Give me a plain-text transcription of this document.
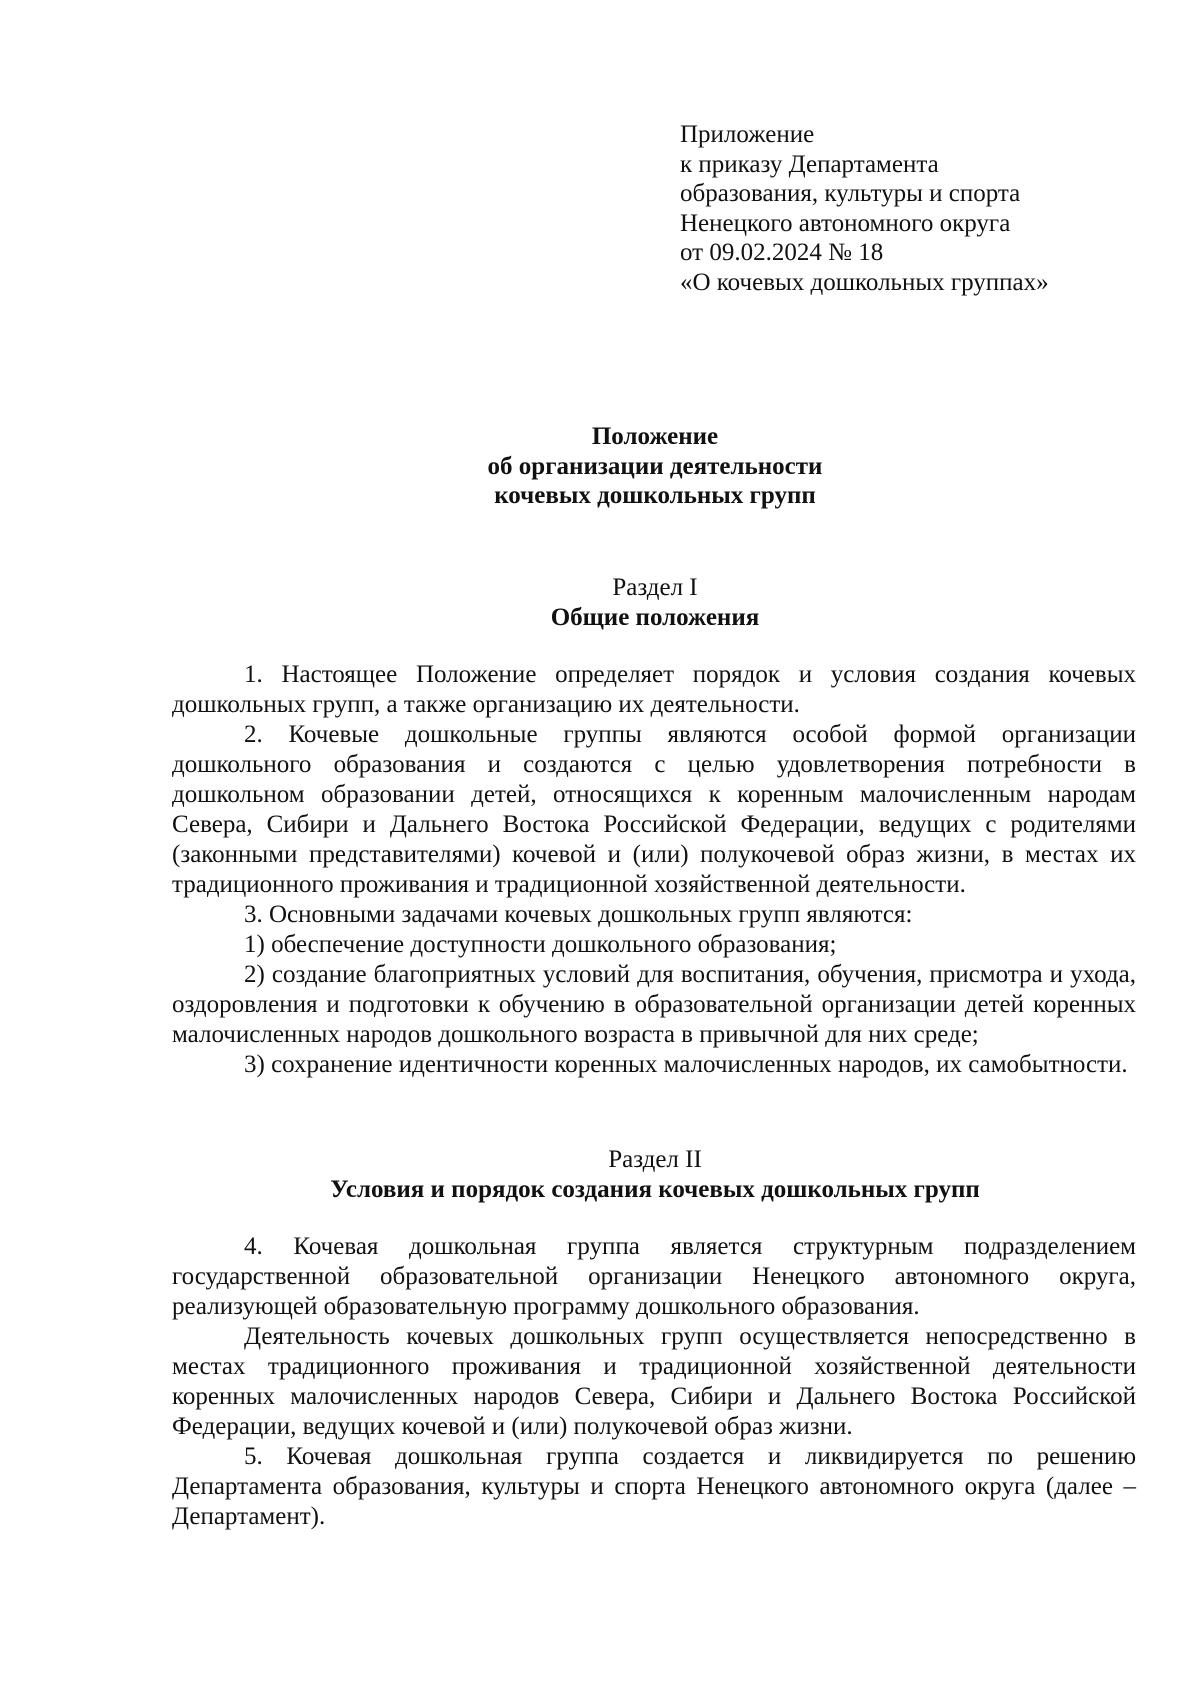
Приложение
к приказу Департамента
образования, культуры и спорта
Ненецкого автономного округа
от 09.02.2024 № 18
«О кочевых дошкольных группах»
Положение
об организации деятельности
кочевых дошкольных групп
Раздел I
Общие положения

1. Настоящее Положение определяет порядок и условия создания кочевых дошкольных групп, а также организацию их деятельности.

2. Кочевые дошкольные группы являются особой формой организации дошкольного образования и создаются с целью удовлетворения потребности в дошкольном образовании детей, относящихся к коренным малочисленным народам Севера, Сибири и Дальнего Востока Российской Федерации, ведущих с родителями (законными представителями) кочевой и (или) полукочевой образ жизни, в местах их традиционного проживания и традиционной хозяйственной деятельности.

3. Основными задачами кочевых дошкольных групп являются:

1) обеспечение доступности дошкольного образования;

2) создание благоприятных условий для воспитания, обучения, присмотра и ухода, оздоровления и подготовки к обучению в образовательной организации детей коренных малочисленных народов дошкольного возраста в привычной для них среде;

3) сохранение идентичности коренных малочисленных народов, их самобытности.

Раздел II
Условия и порядок создания кочевых дошкольных групп

4. Кочевая дошкольная группа является структурным подразделением государственной образовательной организации Ненецкого автономного округа, реализующей образовательную программу дошкольного образования.

Деятельность кочевых дошкольных групп осуществляется непосредственно в местах традиционного проживания и традиционной хозяйственной деятельности коренных малочисленных народов Севера, Сибири и Дальнего Востока Российской Федерации, ведущих кочевой и (или) полукочевой образ жизни.

5. Кочевая дошкольная группа создается и ликвидируется по решению Департамента образования, культуры и спорта Ненецкого автономного округа (далее – Департамент).
